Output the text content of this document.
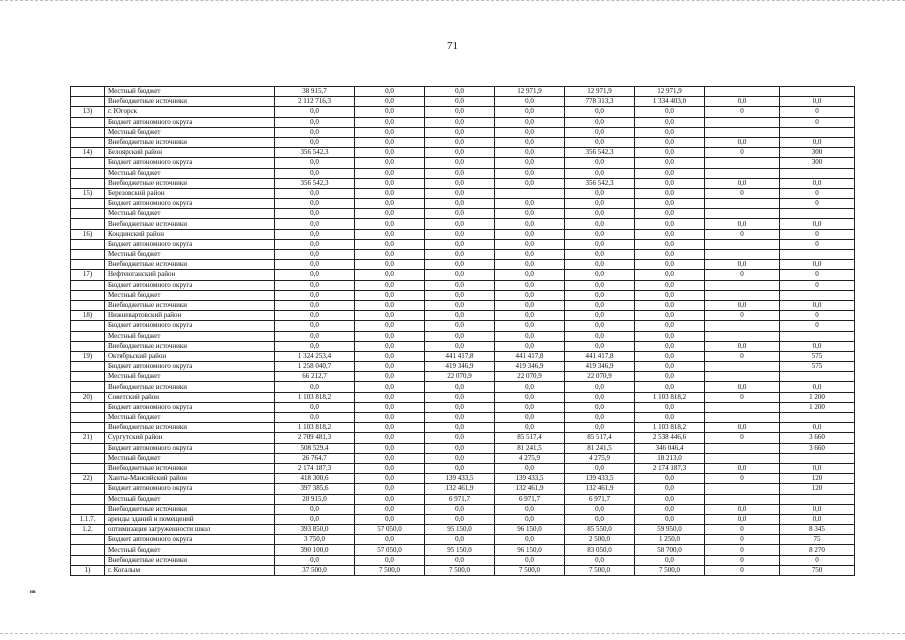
71
	Местный бюджет	38 915,7	0,0	0,0	12 971,9	12 971,9	12 971,9		
	Внебюджетные источники	2 112 716,3	0,0	0,0	0,0	778 313,3	1 334 403,0	0,0	0,0
13)	г. Югорск	0,0	0,0	0,0	0,0	0,0	0,0	0	0
	Бюджет автономного округа	0,0	0,0	0,0	0,0	0,0	0,0		0
	Местный бюджет	0,0	0,0	0,0	0,0	0,0	0,0		
	Внебюджетные источники	0,0	0,0	0,0	0,0	0,0	0,0	0,0	0,0
14)	Белоярский район	356 542,3	0,0	0,0	0,0	356 542,3	0,0	0	300
	Бюджет автономного округа	0,0	0,0	0,0	0,0	0,0	0,0		300
	Местный бюджет	0,0	0,0	0,0	0,0	0,0	0,0		
	Внебюджетные источники	356 542,3	0,0	0,0	0,0	356 542,3	0,0	0,0	0,0
15)	Березовский район	0,0	0,0	0,0		0,0	0,0	0	0
	Бюджет автономного округа	0,0	0,0	0,0	0,0	0,0	0,0		0
	Местный бюджет	0,0	0,0	0,0	0,0	0,0	0,0		
	Внебюджетные источники	0,0	0,0	0,0	0,0	0,0	0,0	0,0	0,0
16)	Кондинский район	0,0	0,0	0,0	0,0	0,0	0,0	0	0
	Бюджет автономного округа	0,0	0,0	0,0	0,0	0,0	0,0		0
	Местный бюджет	0,0	0,0	0,0	0,0	0,0	0,0		
	Внебюджетные источники	0,0	0,0	0,0	0,0	0,0	0,0	0,0	0,0
17)	Нефтеюганский район	0,0	0,0	0,0	0,0	0,0	0,0	0	0
	Бюджет автономного округа	0,0	0,0	0,0	0,0	0,0	0,0		0
	Местный бюджет	0,0	0,0	0,0	0,0	0,0	0,0		
	Внебюджетные источники	0,0	0,0	0,0	0,0	0,0	0,0	0,0	0,0
18)	Нижневартовский район	0,0	0,0	0,0	0,0	0,0	0,0	0	0
	Бюджет автономного округа	0,0	0,0	0,0	0,0	0,0	0,0		0
	Местный бюджет	0,0	0,0	0,0	0,0	0,0	0,0		
	Внебюджетные источники	0,0	0,0	0,0	0,0	0,0	0,0	0,0	0,0
19)	Октябрьский район	1 324 253,4	0,0	441 417,8	441 417,8	441 417,8	0,0	0	575
	Бюджет автономного округа	1 258 040,7	0,0	419 346,9	419 346,9	419 346,9	0,0		575
	Местный бюджет	66 212,7	0,0	22 070,9	22 070,9	22 070,9	0,0		
	Внебюджетные источники	0,0	0,0	0,0	0,0	0,0	0,0	0,0	0,0
20)	Советский район	1 103 818,2	0,0	0,0	0,0	0,0	1 103 818,2	0	1 200
	Бюджет автономного округа	0,0	0,0	0,0	0,0	0,0	0,0		1 200
	Местный бюджет	0,0	0,0	0,0	0,0	0,0	0,0		
	Внебюджетные источники	1 103 818,2	0,0	0,0	0,0	0,0	1 103 818,2	0,0	0,0
21)	Сургутский район	2 709 481,3	0,0	0,0	85 517,4	85 517,4	2 538 446,6	0	3 660
	Бюджет автономного округа	508 529,4	0,0	0,0	81 241,5	81 241,5	346 046,4		3 660
	Местный бюджет	26 764,7	0,0	0,0	4 275,9	4 275,9	18 213,0		
	Внебюджетные источники	2 174 187,3	0,0	0,0	0,0	0,0	2 174 187,3	0,0	0,0
22)	Ханты-Мансийский район	418 300,6	0,0	139 433,5	139 433,5	139 433,5	0,0	0	120
	Бюджет автономного округа	397 385,6	0,0	132 461,9	132 461,9	132 461,9	0,0		120
	Местный бюджет	20 915,0	0,0	6 971,7	6 971,7	6 971,7	0,0		
	Внебюджетные источники	0,0	0,0	0,0	0,0	0,0	0,0	0,0	0,0
1.1.7.	аренды зданий и помещений	0,0	0,0	0,0	0,0	0,0	0,0	0,0	0,0
1.2.	оптимизация загруженности школ	393 850,0	57 050,0	95 150,0	96 150,0	85 550,0	59 950,0	0	8 345
	Бюджет автономного округа	3 750,0	0,0	0,0	0,0	2 500,0	1 250,0	0	75
	Местный бюджет	390 100,0	57 050,0	95 150,0	96 150,0	83 050,0	58 700,0	0	8 270
	Внебюджетные источники	0,0	0,0	0,0	0,0	0,0	0,0	0	0
1)	г. Когалым	37 500,0	7 500,0	7 500,0	7 500,0	7 500,0	7 500,0	0	750
нв
